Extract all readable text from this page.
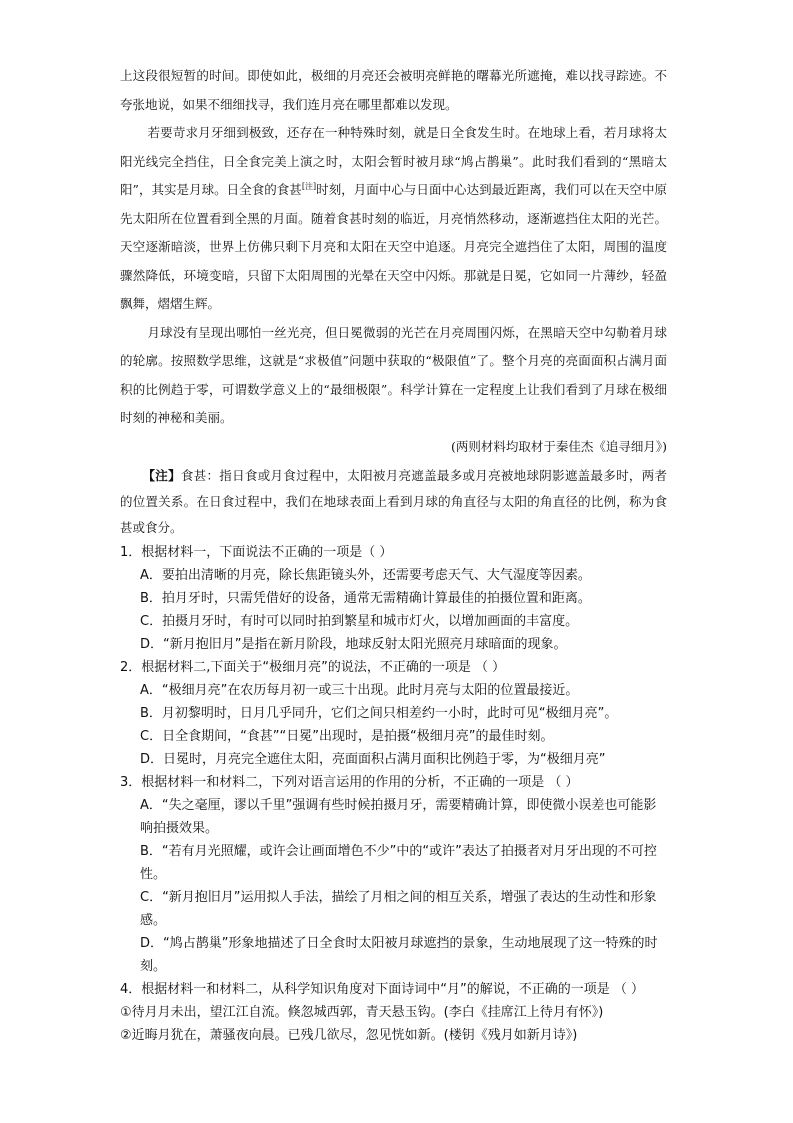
上这段很短暂的时间。即使如此，极细的月亮还会被明亮鲜艳的曙幕光所遮掩，难以找寻踪迹。不夸张地说，如果不细细找寻，我们连月亮在哪里都难以发现。

若要苛求月牙细到极致，还存在一种特殊时刻，就是日全食发生时。在地球上看，若月球将太阳光线完全挡住，日全食完美上演之时，太阳会暂时被月球“鸠占鹊巢”。此时我们看到的“黑暗太阳”，其实是月球。日全食的食甚[注]时刻，月面中心与日面中心达到最近距离，我们可以在天空中原先太阳所在位置看到全黑的月面。随着食甚时刻的临近，月亮悄然移动，逐渐遮挡住太阳的光芒。天空逐渐暗淡，世界上仿佛只剩下月亮和太阳在天空中追逐。月亮完全遮挡住了太阳，周围的温度骤然降低，环境变暗，只留下太阳周围的光晕在天空中闪烁。那就是日冕，它如同一片薄纱，轻盈飘舞，熠熠生辉。

月球没有呈现出哪怕一丝光亮，但日冕微弱的光芒在月亮周围闪烁，在黑暗天空中勾勒着月球的轮廓。按照数学思维，这就是“求极值”问题中获取的“极限值”了。整个月亮的亮面面积占满月面积的比例趋于零，可谓数学意义上的“最细极限”。科学计算在一定程度上让我们看到了月球在极细时刻的神秘和美丽。

(两则材料均取材于秦佳杰《追寻细月》)

【注】食甚：指日食或月食过程中，太阳被月亮遮盖最多或月亮被地球阴影遮盖最多时，两者的位置关系。在日食过程中，我们在地球表面上看到月球的角直径与太阳的角直径的比例，称为食甚或食分。

1．根据材料一，下面说法不正确的一项是（ ）

A．要拍出清晰的月亮，除长焦距镜头外，还需要考虑天气、大气湿度等因素。

B．拍月牙时，只需凭借好的设备，通常无需精确计算最佳的拍摄位置和距离。

C．拍摄月牙时，有时可以同时拍到繁星和城市灯火，以增加画面的丰富度。

D．“新月抱旧月”是指在新月阶段，地球反射太阳光照亮月球暗面的现象。

2．根据材料二,下面关于“极细月亮”的说法，不正确的一项是 （ ）

A．“极细月亮”在农历每月初一或三十出现。此时月亮与太阳的位置最接近。

B．月初黎明时，日月几乎同升，它们之间只相差约一小时，此时可见“极细月亮”。

C．日全食期间，“食甚”“日冕”出现时，是拍摄“极细月亮”的最佳时刻。

D．日冕时，月亮完全遮住太阳，亮面面积占满月面积比例趋于零，为“极细月亮”

3．根据材料一和材料二，下列对语言运用的作用的分析，不正确的一项是 （ ）

A．“失之毫厘，谬以千里”强调有些时候拍摄月牙，需要精确计算，即使微小误差也可能影响拍摄效果。

B．“若有月光照耀，或许会让画面增色不少”中的“或许”表达了拍摄者对月牙出现的不可控性。

C．“新月抱旧月”运用拟人手法，描绘了月相之间的相互关系，增强了表达的生动性和形象感。

D．“鸠占鹊巢”形象地描述了日全食时太阳被月球遮挡的景象，生动地展现了这一特殊的时刻。

4．根据材料一和材料二，从科学知识角度对下面诗词中“月”的解说，不正确的一项是 （ ）

①待月月未出，望江江自流。倏忽城西郭，青天悬玉钩。(李白《挂席江上待月有怀》)

②近晦月犹在，萧骚夜向晨。已残几欲尽，忽见恍如新。(楼钥《残月如新月诗》)
